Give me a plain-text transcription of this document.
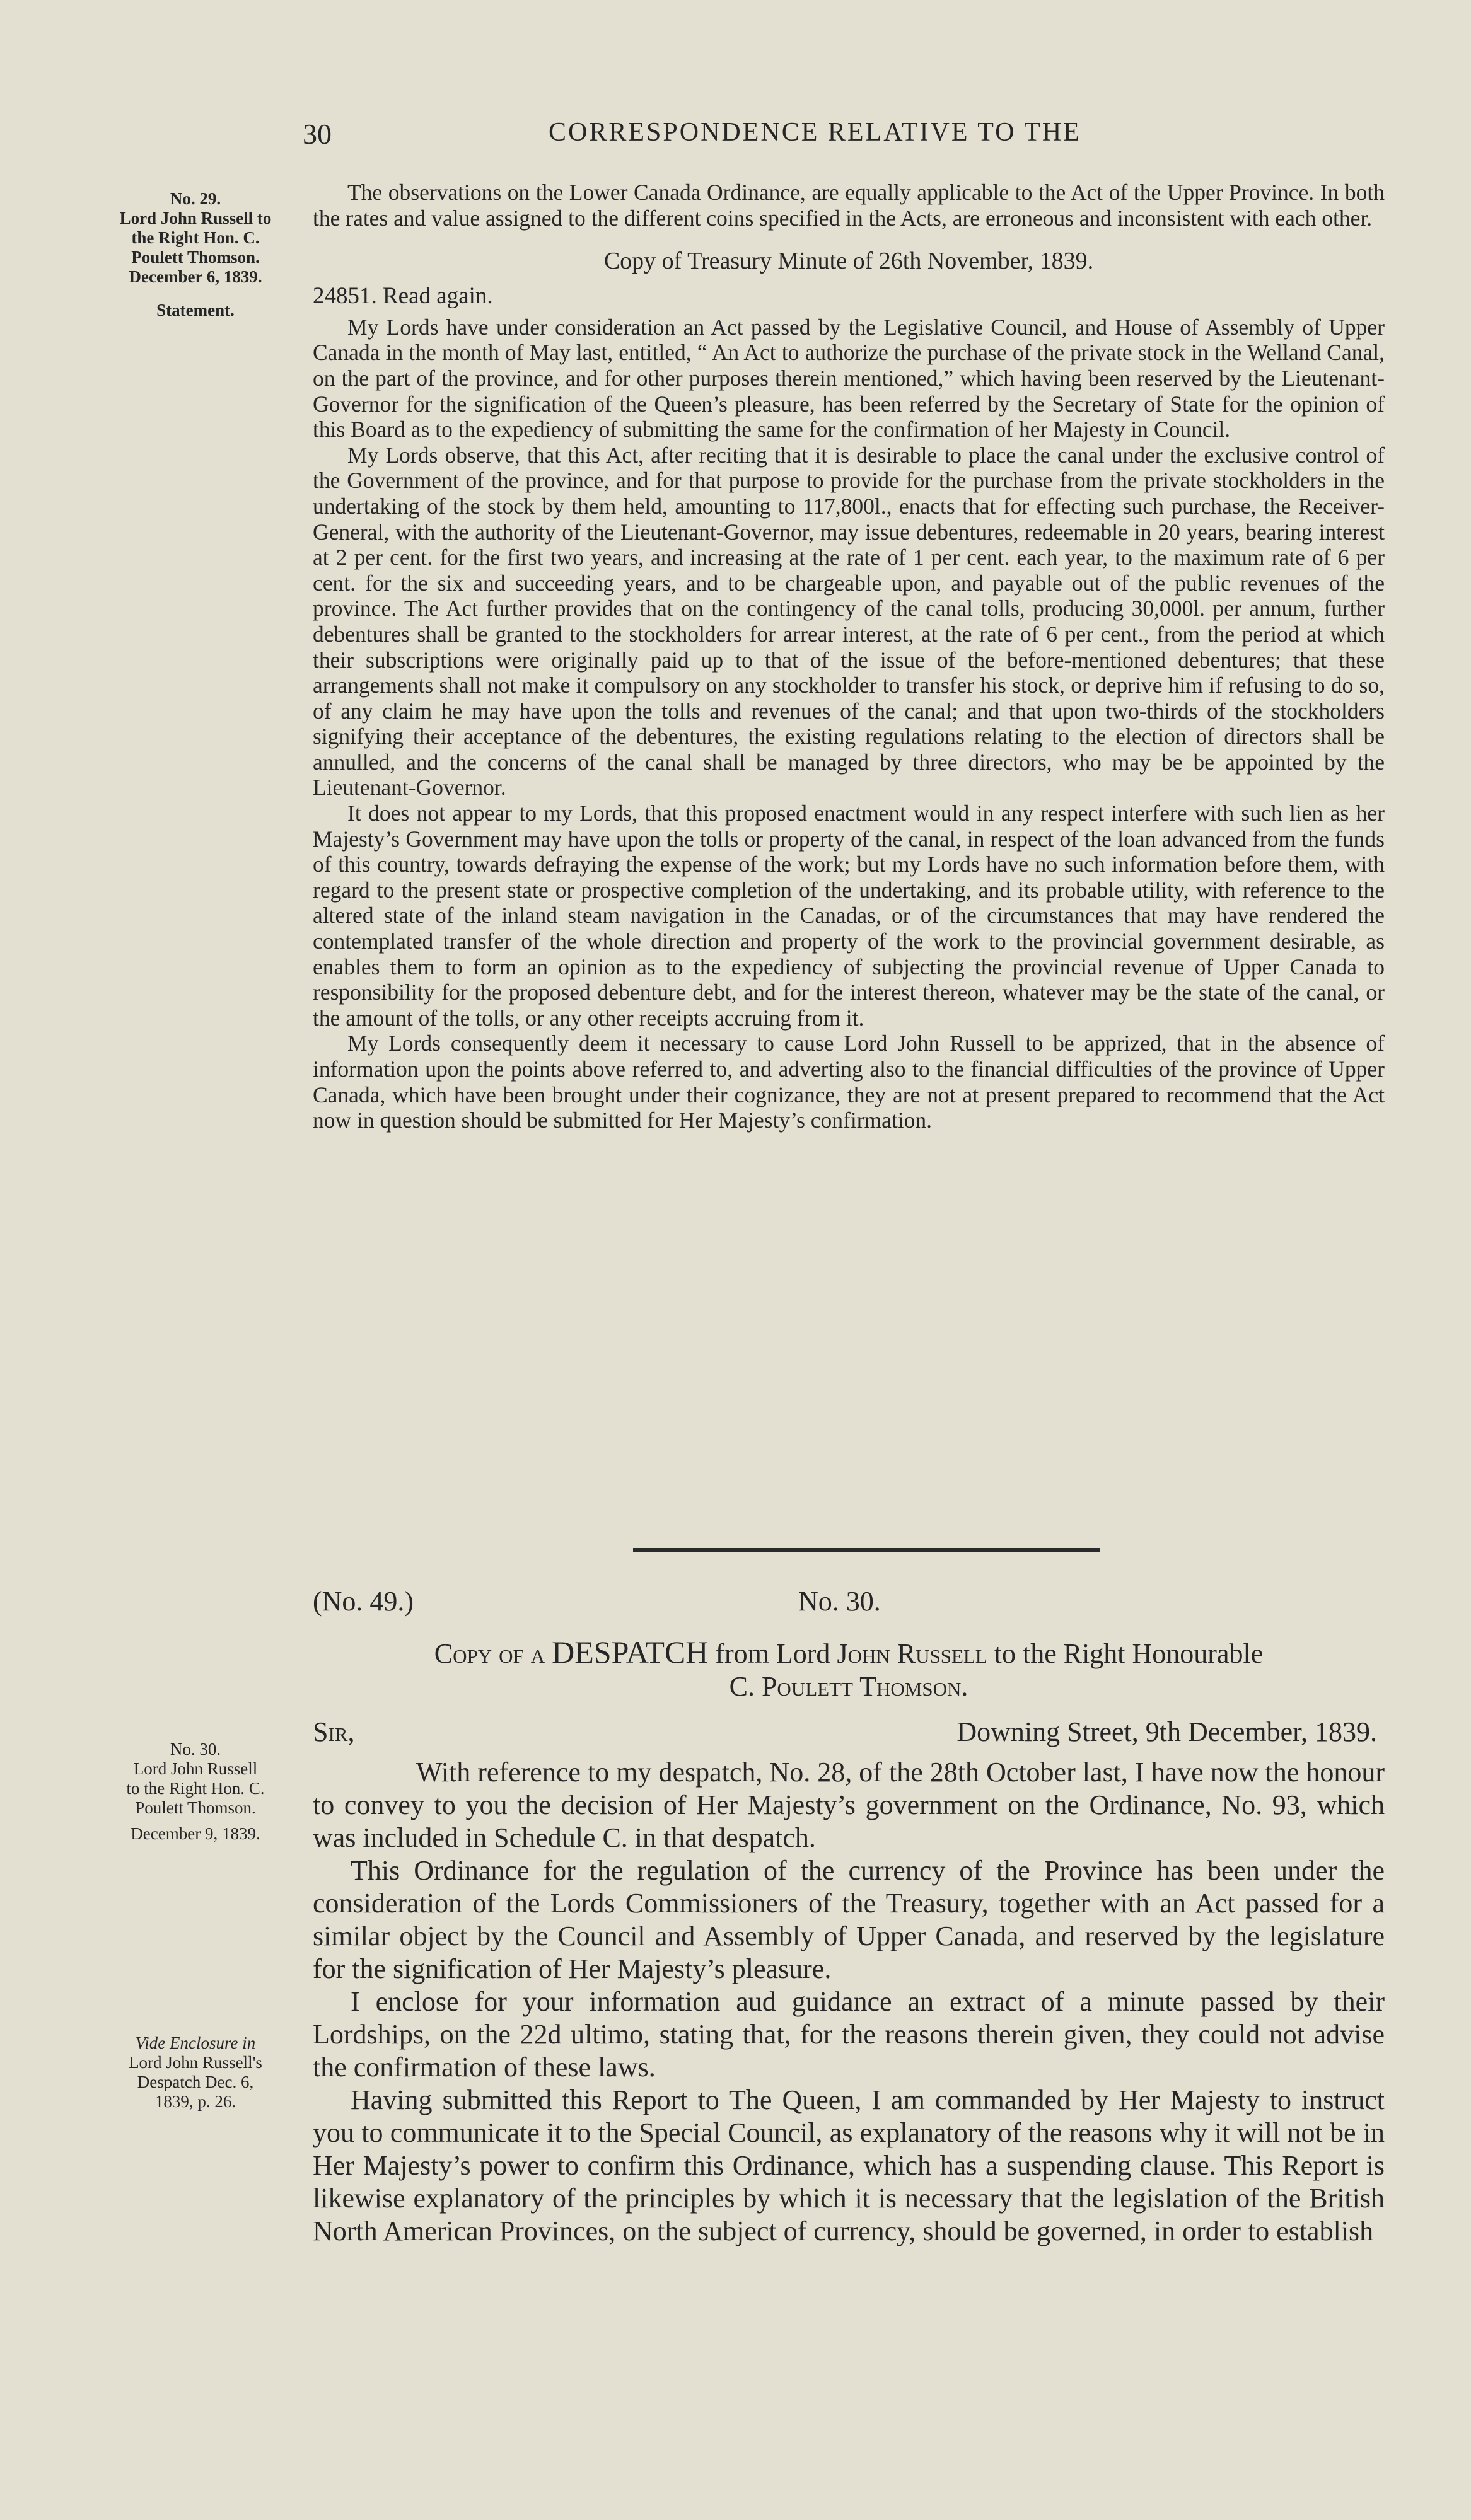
30	CORRESPONDENCE RELATIVE TO THE
No. 29.
Lord John Russell to
the Right Hon. C.
Poulett Thomson.
December 6, 1839.
Statement.
No. 30.
Lord John Russell
to the Right Hon. C.
Poulett Thomson.
December 9, 1839.
Vide Enclosure in
Lord John Russell's
Despatch Dec. 6,
1839, p. 26.

The observations on the Lower Canada Ordinance, are equally applicable to the Act of the Upper Province. In both the rates and value assigned to the different coins specified in the Acts, are erroneous and inconsistent with each other.

Copy of Treasury Minute of 26th November, 1839.

24851. Read again.

My Lords have under consideration an Act passed by the Legislative Council, and House of Assembly of Upper Canada in the month of May last, entitled, “ An Act to authorize the purchase of the private stock in the Welland Canal, on the part of the province, and for other purposes therein mentioned,” which having been reserved by the Lieutenant-Governor for the signification of the Queen’s pleasure, has been referred by the Secretary of State for the opinion of this Board as to the expediency of submitting the same for the confirmation of her Majesty in Council.

My Lords observe, that this Act, after reciting that it is desirable to place the canal under the exclusive control of the Government of the province, and for that purpose to provide for the purchase from the private stockholders in the undertaking of the stock by them held, amounting to 117,800l., enacts that for effecting such purchase, the Receiver-General, with the authority of the Lieutenant-Governor, may issue debentures, redeemable in 20 years, bearing interest at 2 per cent. for the first two years, and increasing at the rate of 1 per cent. each year, to the maximum rate of 6 per cent. for the six and succeeding years, and to be chargeable upon, and payable out of the public revenues of the province. The Act further provides that on the contingency of the canal tolls, producing 30,000l. per annum, further debentures shall be granted to the stockholders for arrear interest, at the rate of 6 per cent., from the period at which their subscriptions were originally paid up to that of the issue of the before-mentioned debentures; that these arrangements shall not make it compulsory on any stockholder to transfer his stock, or deprive him if refusing to do so, of any claim he may have upon the tolls and revenues of the canal; and that upon two-thirds of the stockholders signifying their acceptance of the debentures, the existing regulations relating to the election of directors shall be annulled, and the concerns of the canal shall be managed by three directors, who may be be appointed by the Lieutenant-Governor.

It does not appear to my Lords, that this proposed enactment would in any respect interfere with such lien as her Majesty’s Government may have upon the tolls or property of the canal, in respect of the loan advanced from the funds of this country, towards defraying the expense of the work; but my Lords have no such information before them, with regard to the present state or prospective completion of the undertaking, and its probable utility, with reference to the altered state of the inland steam navigation in the Canadas, or of the circumstances that may have rendered the contemplated transfer of the whole direction and property of the work to the provincial government desirable, as enables them to form an opinion as to the expediency of subjecting the provincial revenue of Upper Canada to responsibility for the proposed debenture debt, and for the interest thereon, whatever may be the state of the canal, or the amount of the tolls, or any other receipts accruing from it.

My Lords consequently deem it necessary to cause Lord John Russell to be apprized, that in the absence of information upon the points above referred to, and adverting also to the financial difficulties of the province of Upper Canada, which have been brought under their cognizance, they are not at present prepared to recommend that the Act now in question should be submitted for Her Majesty’s confirmation.

(No. 49.)	No. 30.
Copy of a DESPATCH from Lord John Russell to the Right Honourable
C. Poulett Thomson.
Sir,	Downing Street, 9th December, 1839.

With reference to my despatch, No. 28, of the 28th October last, I have now the honour to convey to you the decision of Her Majesty’s government on the Ordinance, No. 93, which was included in Schedule C. in that despatch.

This Ordinance for the regulation of the currency of the Province has been under the consideration of the Lords Commissioners of the Treasury, together with an Act passed for a similar object by the Council and Assembly of Upper Canada, and reserved by the legislature for the signification of Her Majesty’s pleasure.

I enclose for your information aud guidance an extract of a minute passed by their Lordships, on the 22d ultimo, stating that, for the reasons therein given, they could not advise the confirmation of these laws.

Having submitted this Report to The Queen, I am commanded by Her Majesty to instruct you to communicate it to the Special Council, as explanatory of the reasons why it will not be in Her Majesty’s power to confirm this Ordinance, which has a suspending clause. This Report is likewise explanatory of the principles by which it is necessary that the legislation of the British North American Provinces, on the subject of currency, should be governed, in order to establish
